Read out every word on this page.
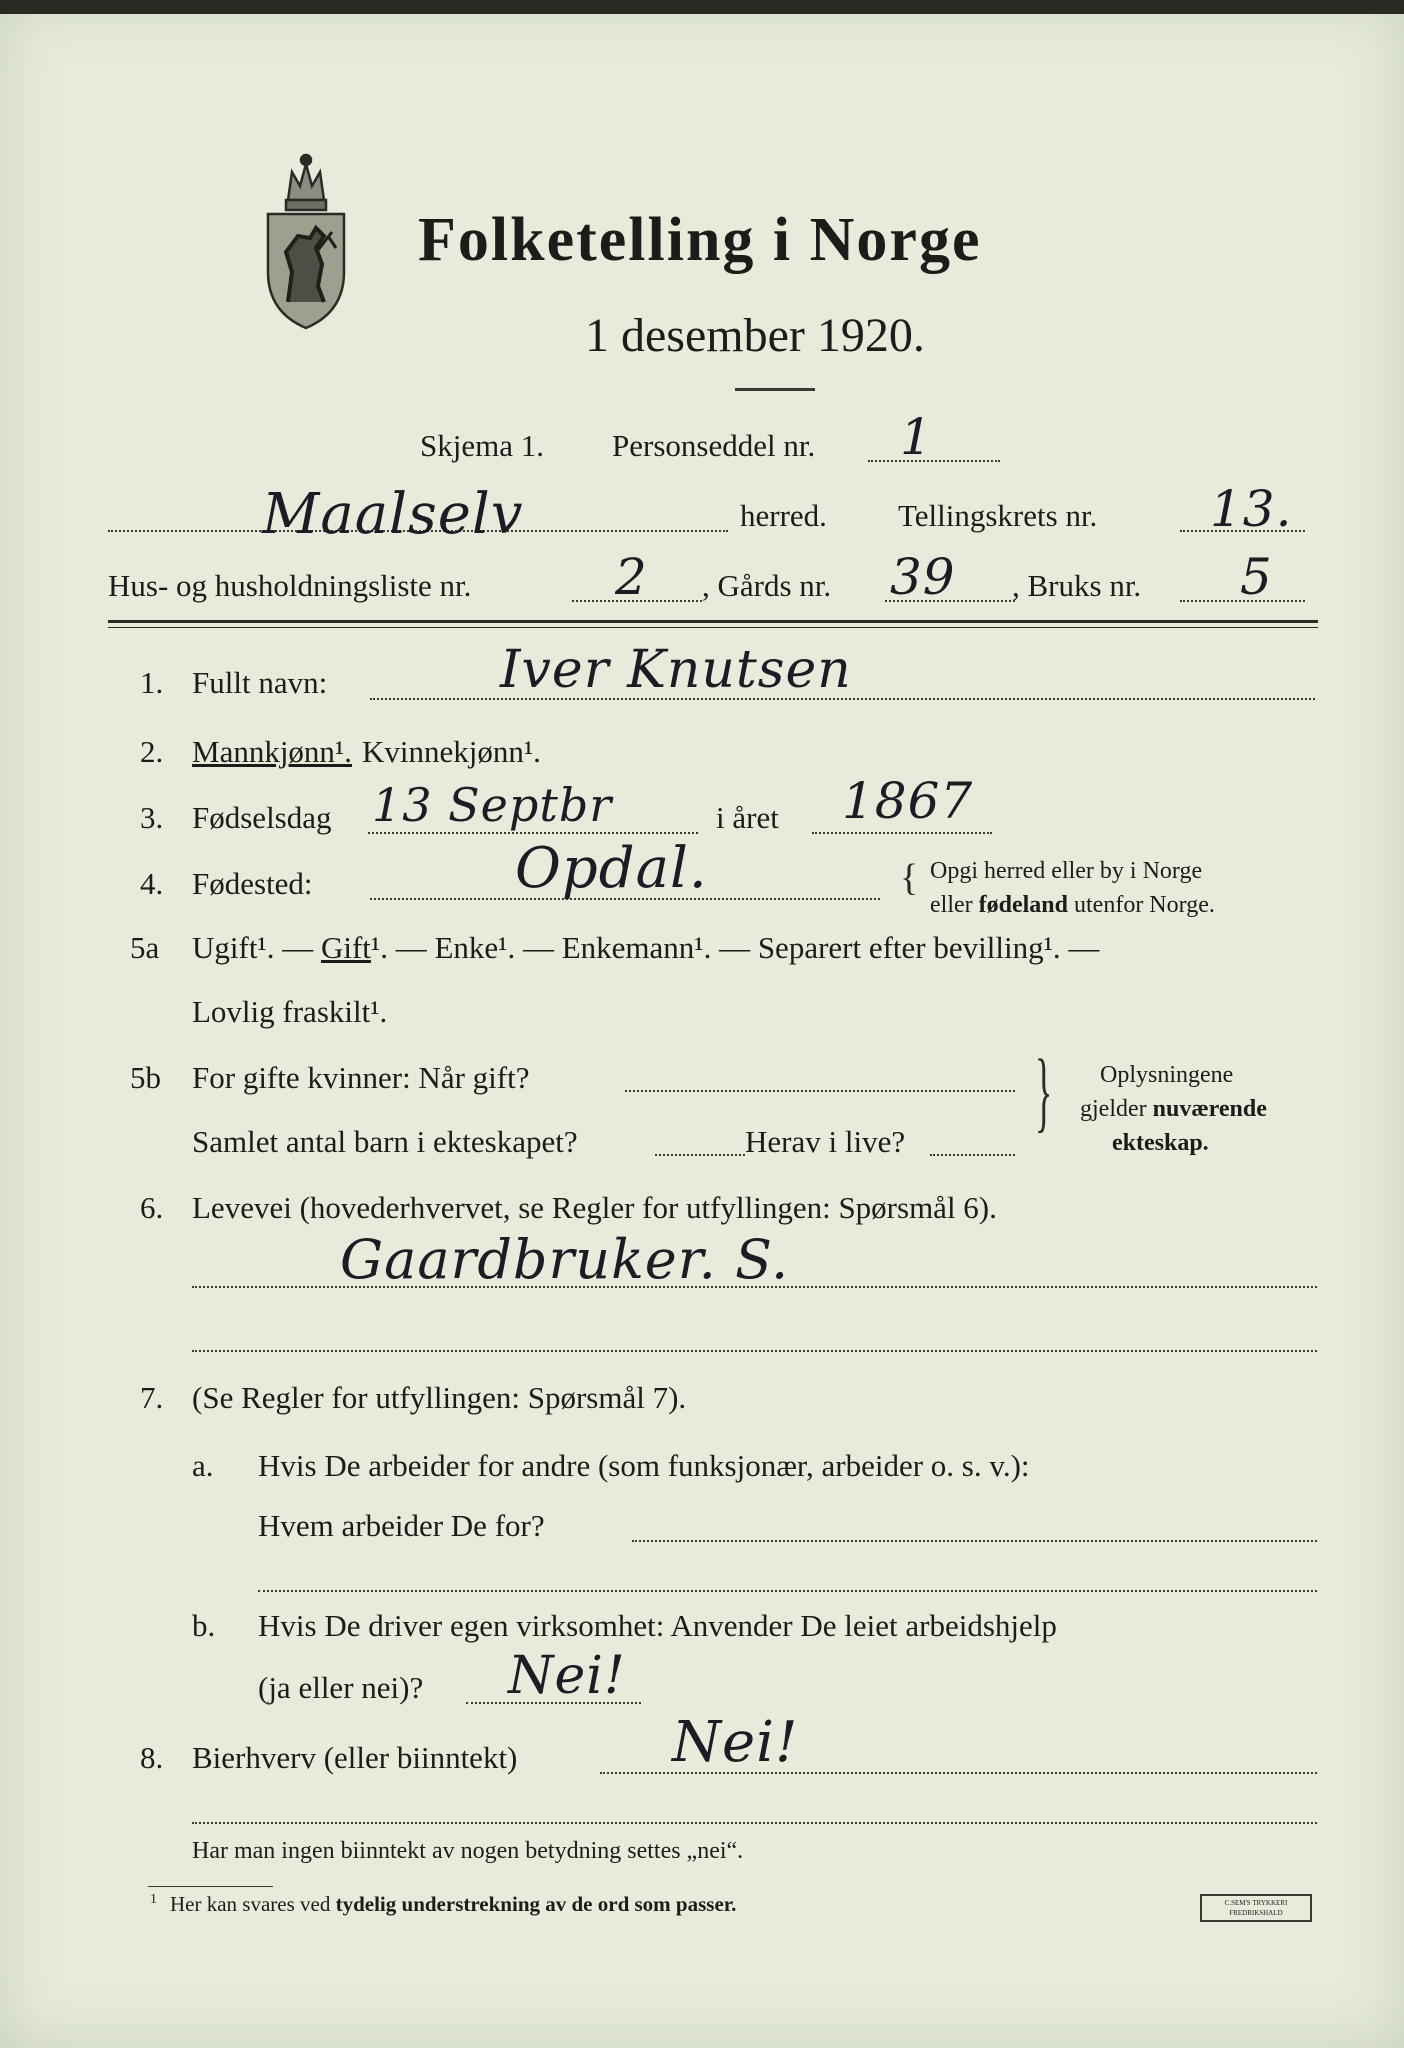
Folketelling i Norge
1 desember 1920.
Skjema 1. Personseddel nr. 1
Maalselv	herred. Tellingskrets nr. 13.
Hus- og husholdningsliste nr.	2 , Gårds nr. 39 , Bruks nr. 5
1. Fullt navn:	Iver Knutsen
2. Mannkjønn¹. Kvinnekjønn¹.
3. Fødselsdag 13 Septbr	i året 1867
4. Fødested:	Opdal.	{ Opgi herred eller by i Norge
eller fødeland utenfor Norge.
5a Ugift¹. — Gift¹. — Enke¹. — Enkemann¹. — Separert efter bevilling¹. —
Lovlig fraskilt¹.
5b For gifte kvinner: Når gift?
Samlet antal barn i ekteskapet?	Herav i live?
} Oplysningene
gjelder nuværende
ekteskap.
6. Levevei (hovederhvervet, se Regler for utfyllingen: Spørsmål 6).
Gaardbruker. S.
7. (Se Regler for utfyllingen: Spørsmål 7).
a. Hvis De arbeider for andre (som funksjonær, arbeider o. s. v.):
Hvem arbeider De for?
b. Hvis De driver egen virksomhet: Anvender De leiet arbeidshjelp
(ja eller nei)? Nei!
8. Bierhverv (eller biinntekt)	Nei!
Har man ingen biinntekt av nogen betydning settes „nei“.
1 Her kan svares ved tydelig understrekning av de ord som passer.	C.SEM'S TRYKKERI
FREDRIKSHALD
